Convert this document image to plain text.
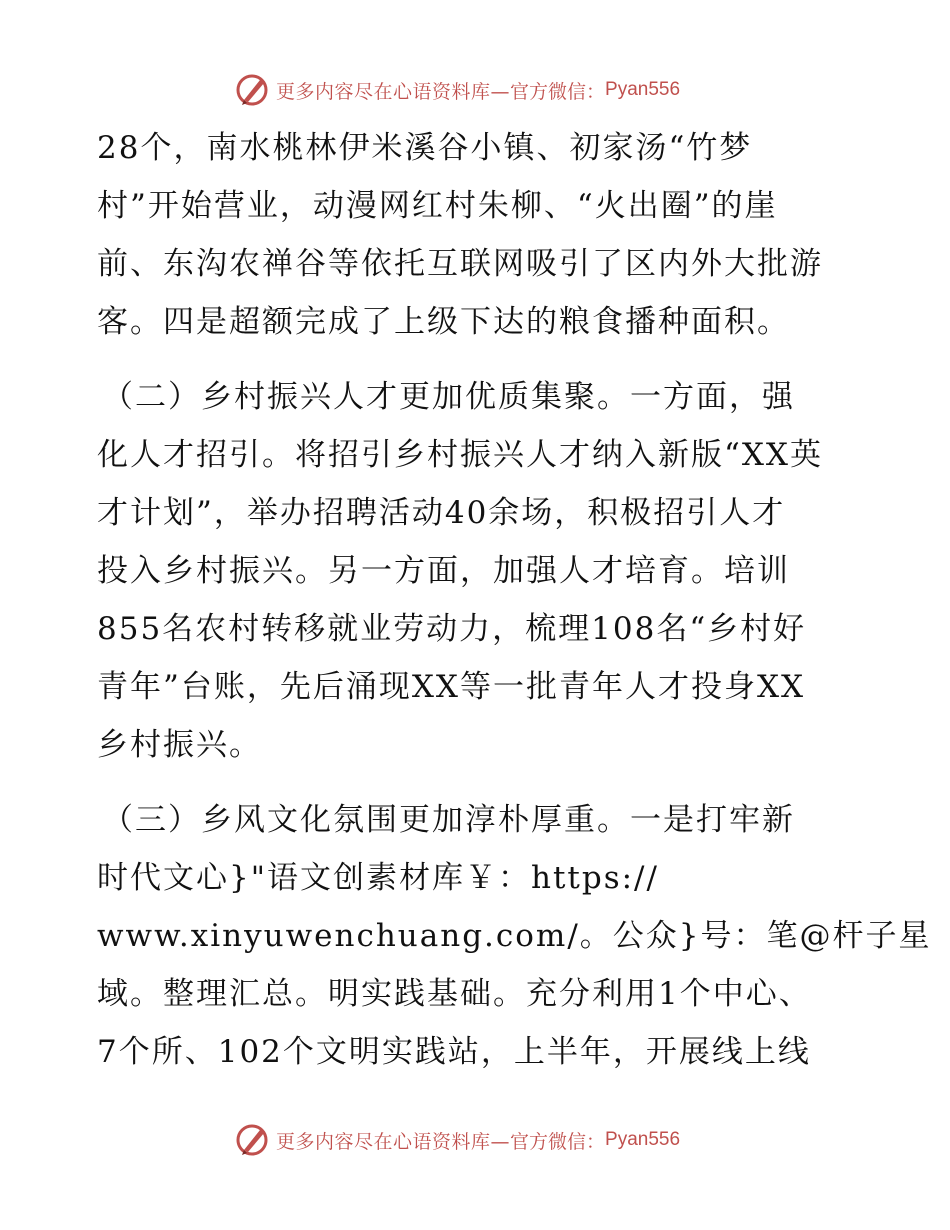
更多内容尽在心语资料库— 官方微信： Pyan556
28个，南水桃林伊米溪谷小镇、初家汤“竹梦
村”开始营业，动漫网红村朱柳、“火出圈”的崖
前、东沟农禅谷等依托互联网吸引了区内外大批游
客。四是超额完成了上级下达的粮食播种面积。
（二）乡村振兴人才更加优质集聚。一方面，强
化人才招引。将招引乡村振兴人才纳入新版“XX英
才计划”，举办招聘活动40余场，积极招引人才
投入乡村振兴。另一方面，加强人才培育。培训
855名农村转移就业劳动力，梳理108名“乡村好
青年”台账，先后涌现XX等一批青年人才投身XX
乡村振兴。
（三）乡风文化氛围更加淳朴厚重。一是打牢新
时代文心}"语文创素材库￥：https://
www.xinyuwenchuang.com/。公众}号：笔@杆子星
域。整理汇总。明实践基础。充分利用1个中心、
7个所、102个文明实践站，上半年，开展线上线
更多内容尽在心语资料库— 官方微信： Pyan556
